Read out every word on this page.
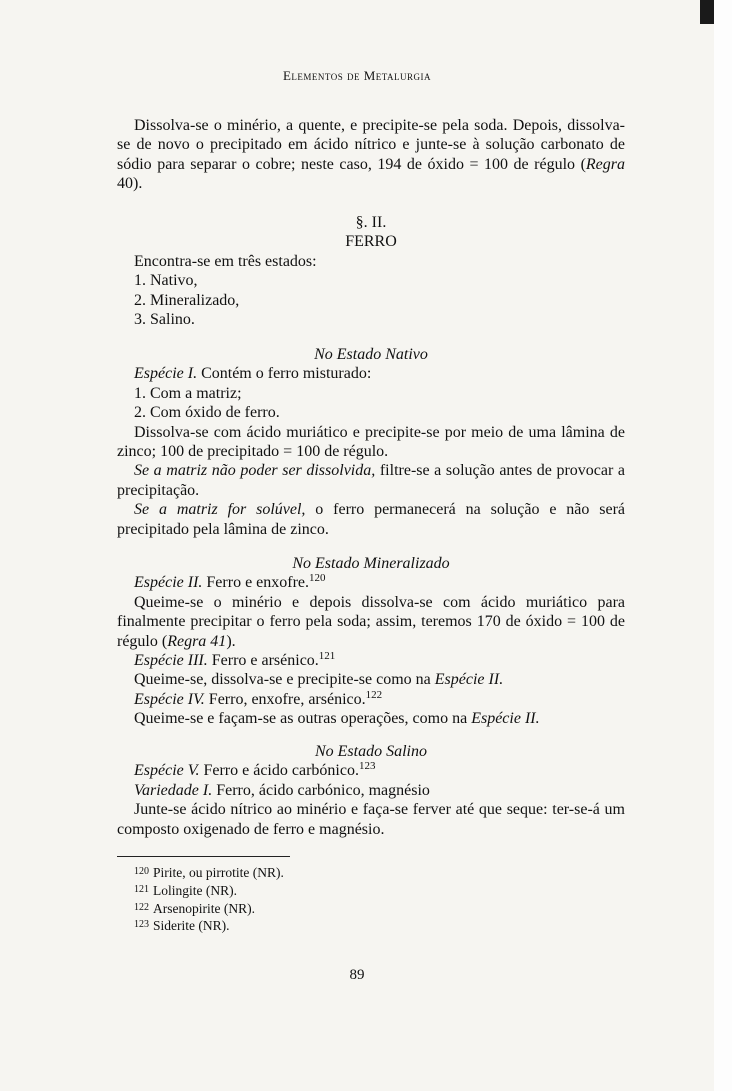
Elementos de Metalurgia

Dissolva-se o minério, a quente, e precipite-se pela soda. Depois, dissolva-se de novo o precipitado em ácido nítrico e junte-se à solução carbonato de sódio para separar o cobre; neste caso, 194 de óxido = 100 de régulo (Regra 40).

§. II.

FERRO

Encontra-se em três estados:

1. Nativo,

2. Mineralizado,

3. Salino.

No Estado Nativo

Espécie I. Contém o ferro misturado:

1. Com a matriz;

2. Com óxido de ferro.

Dissolva-se com ácido muriático e precipite-se por meio de uma lâmina de zinco; 100 de precipitado = 100 de régulo.

Se a matriz não poder ser dissolvida, filtre-se a solução antes de provocar a precipitação.

Se a matriz for solúvel, o ferro permanecerá na solução e não será precipitado pela lâmina de zinco.

No Estado Mineralizado

Espécie II. Ferro e enxofre.$^{120}$

Queime-se o minério e depois dissolva-se com ácido muriático para finalmente precipitar o ferro pela soda; assim, teremos 170 de óxido = 100 de régulo (Regra 41).

Espécie III. Ferro e arsénico.$^{121}$

Queime-se, dissolva-se e precipite-se como na Espécie II.

Espécie IV. Ferro, enxofre, arsénico.$^{122}$

Queime-se e façam-se as outras operações, como na Espécie II.

No Estado Salino

Espécie V. Ferro e ácido carbónico.$^{123}$

Variedade I. Ferro, ácido carbónico, magnésio

Junte-se ácido nítrico ao minério e faça-se ferver até que seque: ter-se-á um composto oxigenado de ferro e magnésio.

$^{120}$ Pirite, ou pirrotite (NR).
$^{121}$ Lolingite (NR).
$^{122}$ Arsenopirite (NR).
$^{123}$ Siderite (NR).
89
